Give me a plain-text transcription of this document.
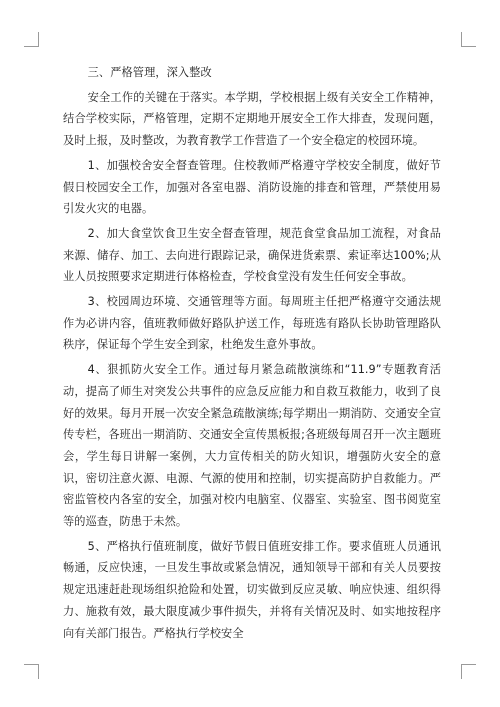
三、严格管理，深入整改

安全工作的关键在于落实。本学期，学校根据上级有关安全工作精神，结合学校实际，严格管理，定期不定期地开展安全工作大排查，发现问题，及时上报，及时整改，为教育教学工作营造了一个安全稳定的校园环境。

1、加强校舍安全督查管理。住校教师严格遵守学校安全制度，做好节假日校园安全工作，加强对各室电器、消防设施的排查和管理，严禁使用易引发火灾的电器。

2、加大食堂饮食卫生安全督查管理，规范食堂食品加工流程，对食品来源、储存、加工、去向进行跟踪记录，确保进货索票、索证率达100%;从业人员按照要求定期进行体格检查，学校食堂没有发生任何安全事故。

3、校园周边环境、交通管理等方面。每周班主任把严格遵守交通法规作为必讲内容，值班教师做好路队护送工作，每班选有路队长协助管理路队秩序，保证每个学生安全到家，杜绝发生意外事故。

4、狠抓防火安全工作。通过每月紧急疏散演练和“11.9”专题教育活动，提高了师生对突发公共事件的应急反应能力和自救互救能力，收到了良好的效果。每月开展一次安全紧急疏散演练;每学期出一期消防、交通安全宣传专栏，各班出一期消防、交通安全宣传黑板报;各班级每周召开一次主题班会，学生每日讲解一案例，大力宣传相关的防火知识，增强防火安全的意识，密切注意火源、电源、气源的使用和控制，切实提高防护自救能力。严密监管校内各室的安全，加强对校内电脑室、仪器室、实验室、图书阅览室等的巡查，防患于未然。

5、严格执行值班制度，做好节假日值班安排工作。要求值班人员通讯畅通，反应快速，一旦发生事故或紧急情况，通知领导干部和有关人员要按规定迅速赶赴现场组织抢险和处置，切实做到反应灵敏、响应快速、组织得力、施救有效，最大限度减少事件损失，并将有关情况及时、如实地按程序向有关部门报告。严格执行学校安全
